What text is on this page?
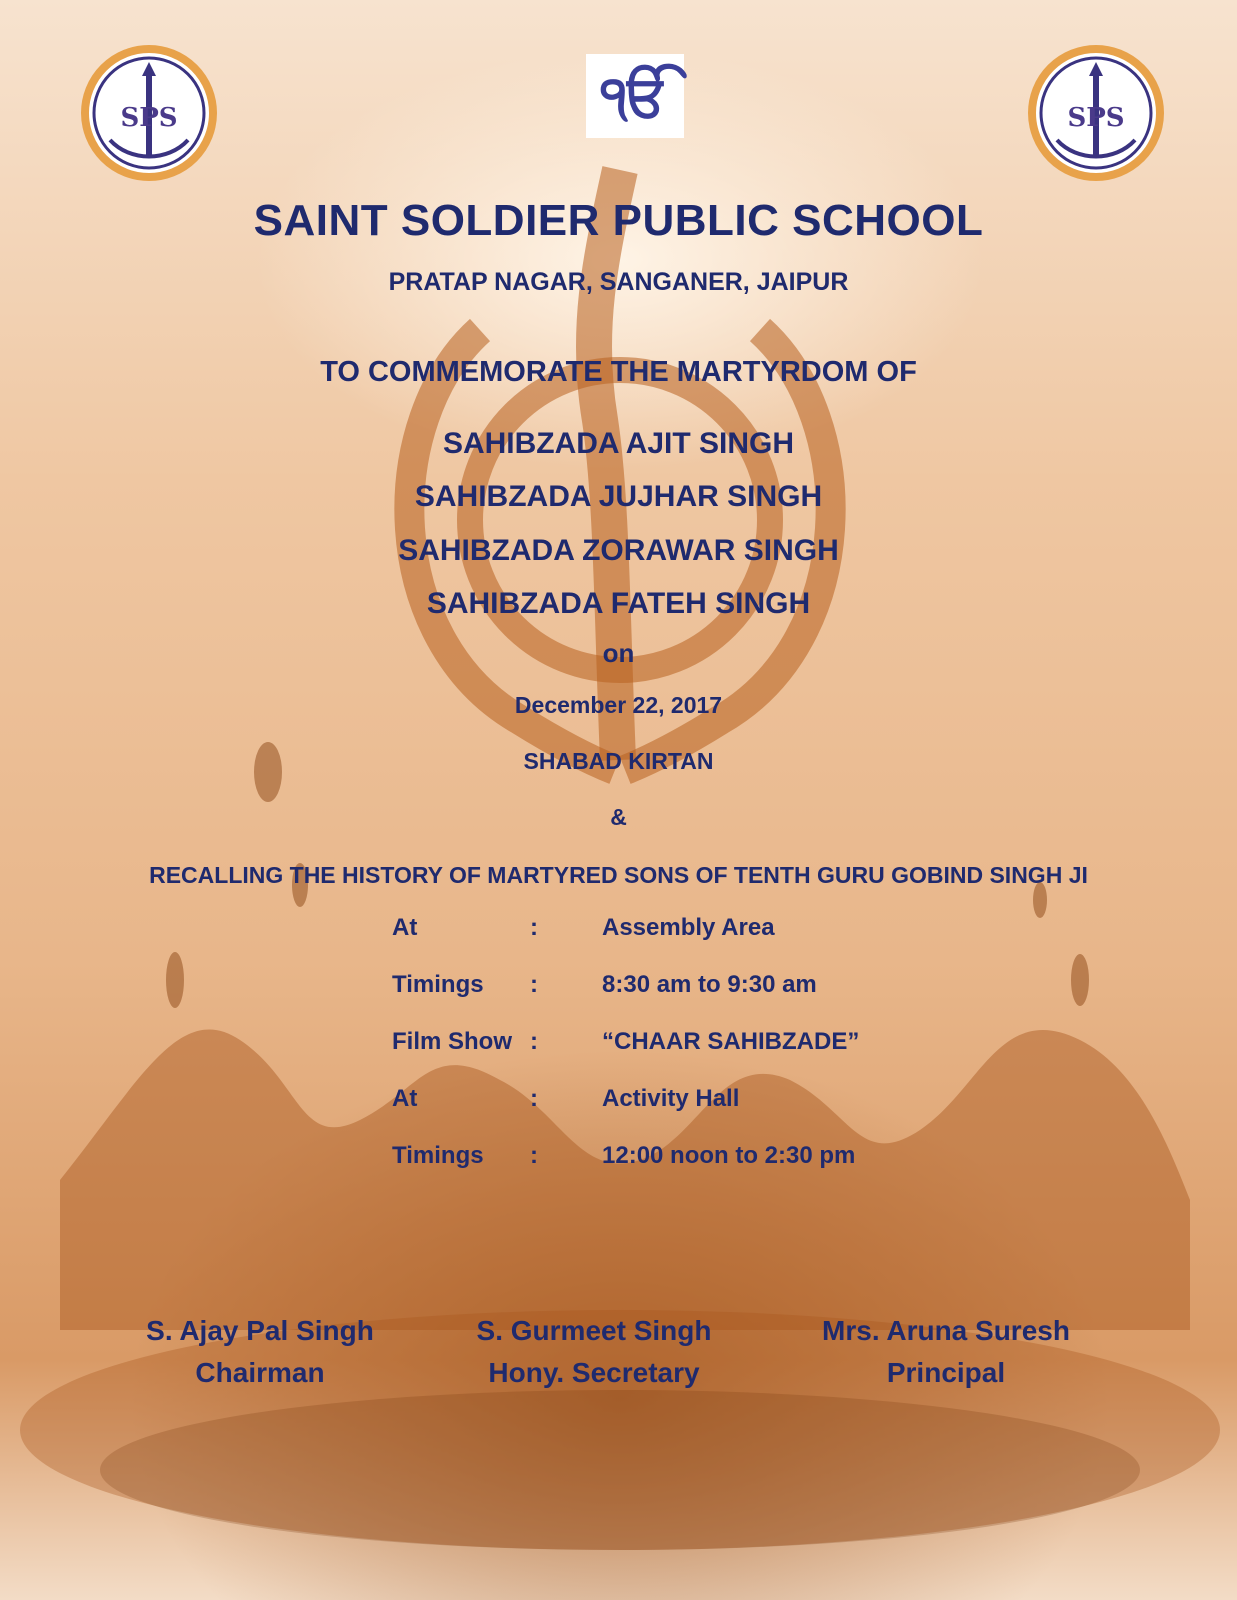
SPS	ੴ	SPS
SAINT SOLDIER PUBLIC SCHOOL
PRATAP NAGAR, SANGANER, JAIPUR
TO COMMEMORATE THE MARTYRDOM OF
SAHIBZADA AJIT SINGH
SAHIBZADA JUJHAR SINGH
SAHIBZADA ZORAWAR SINGH
SAHIBZADA FATEH SINGH
on
December 22, 2017
SHABAD KIRTAN
&
RECALLING THE HISTORY OF MARTYRED SONS OF TENTH GURU GOBIND SINGH JI
At	:	Assembly Area
Timings :	8:30 am to 9:30 am
Film Show :	“CHAAR SAHIBZADE”
At	:	Activity Hall
Timings :	12:00 noon to 2:30 pm
S. Ajay Pal Singh
Chairman
S. Gurmeet Singh
Hony. Secretary
Mrs. Aruna Suresh
Principal
